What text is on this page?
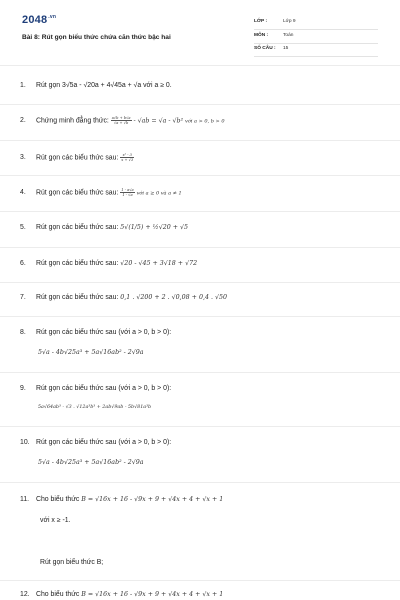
$2048^{.vn}$
Bài 8: Rút gọn biểu thức chứa căn thức bậc hai
LỚP :	Lớp 9
MÔN :	Toán
SỐ CÂU : 15
1. Rút gọn 3√5a - √20a + 4√45a + √a với a ≥ 0.
2. Chứng minh đẳng thức: $\frac{a√b + b√a}{√a + √b} - √ab = √a - √b^2$ với a > 0, b > 0
3. Rút gọn các biểu thức sau: $\frac{\text{x² - 3}}{x + √3}$
4. Rút gọn các biểu thức sau: $\frac{1 - a√a}{1 - √a}$ với a ≥ 0 và a ≠ 1
5. Rút gọn các biểu thức sau: 5√(1/5) + ½√20 + √5
6. Rút gọn các biểu thức sau: √20 - √45 + 3√18 + √72
7. Rút gọn các biểu thức sau: 0,1 . √200 + 2 . √0,08 + 0,4 . √50
8. Rút gọn các biểu thức sau (với a > 0, b > 0):
5√a - 4b√25a³ + 5a√16ab² - 2√9a
9. Rút gọn các biểu thức sau (với a > 0, b > 0):
5a√64ab³ - √3 . √12a³b³ + 2ab√9ab - 5b√81a³b
10. Rút gọn các biểu thức sau (với a > 0, b > 0):
5√a - 4b√25a³ + 5a√16ab² - 2√9a
11. Cho biểu thức B = √16x + 16 - √9x + 9 + √4x + 4 + √x + 1
với x ≥ -1.
Rút gọn biểu thức B;
12. Cho biểu thức B = √16x + 16 - √9x + 9 + √4x + 4 + √x + 1
